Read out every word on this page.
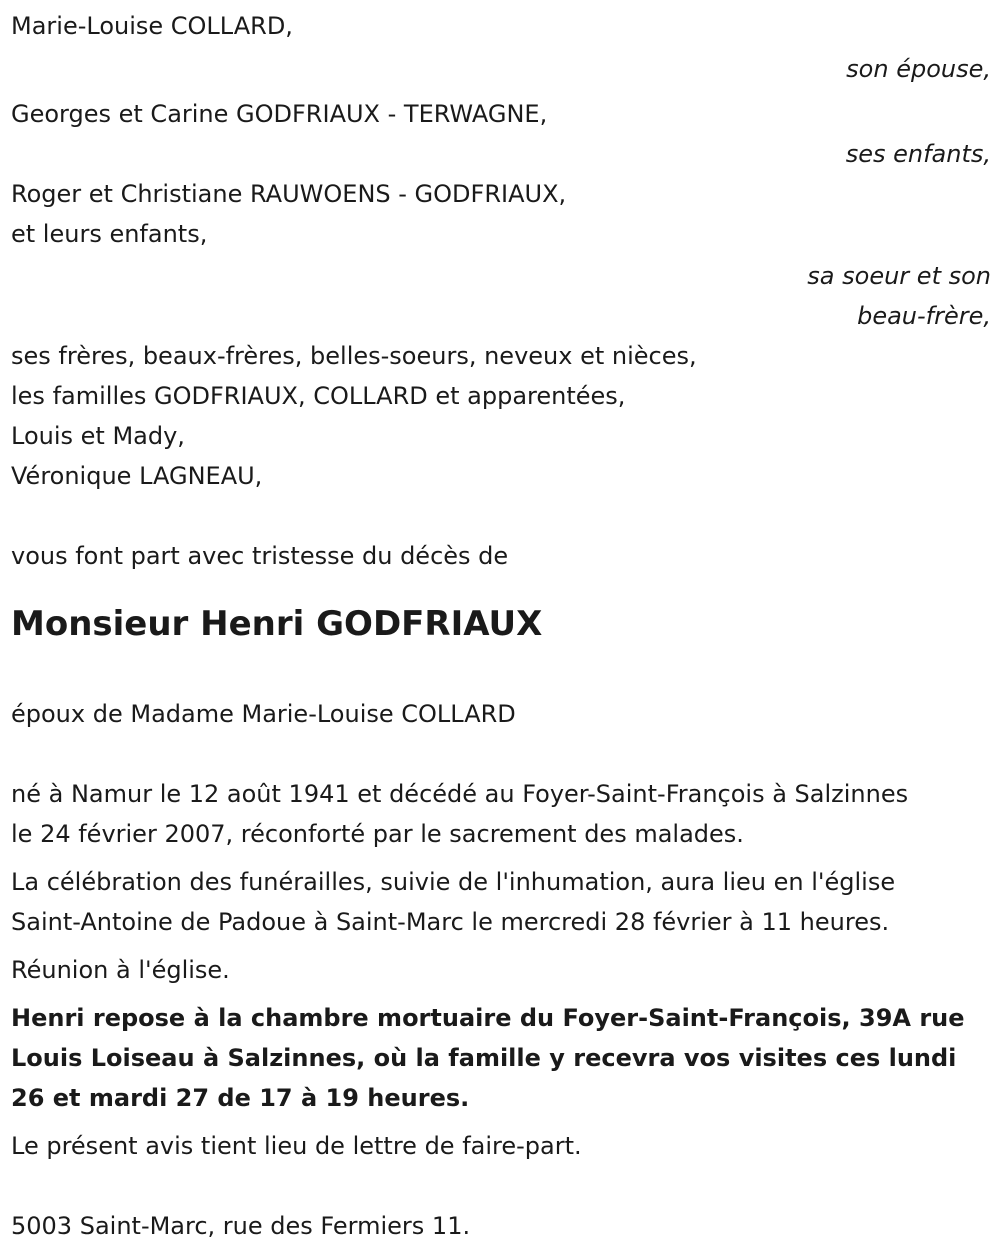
Marie-Louise COLLARD,
son épouse,
Georges et Carine GODFRIAUX - TERWAGNE,
ses enfants,
Roger et Christiane RAUWOENS - GODFRIAUX,
et leurs enfants,
sa soeur et son
beau-frère,
ses frères, beaux-frères, belles-soeurs, neveux et nièces,
les familles GODFRIAUX, COLLARD et apparentées,
Louis et Mady,
Véronique LAGNEAU,
vous font part avec tristesse du décès de
Monsieur Henri GODFRIAUX
époux de Madame Marie-Louise COLLARD
né à Namur le 12 août 1941 et décédé au Foyer-Saint-François à Salzinnes
le 24 février 2007, réconforté par le sacrement des malades.
La célébration des funérailles, suivie de l'inhumation, aura lieu en l'église
Saint-Antoine de Padoue à Saint-Marc le mercredi 28 février à 11 heures.
Réunion à l'église.
Henri repose à la chambre mortuaire du Foyer-Saint-François, 39A rue
Louis Loiseau à Salzinnes, où la famille y recevra vos visites ces lundi
26 et mardi 27 de 17 à 19 heures.
Le présent avis tient lieu de lettre de faire-part.
5003 Saint-Marc, rue des Fermiers 11.
